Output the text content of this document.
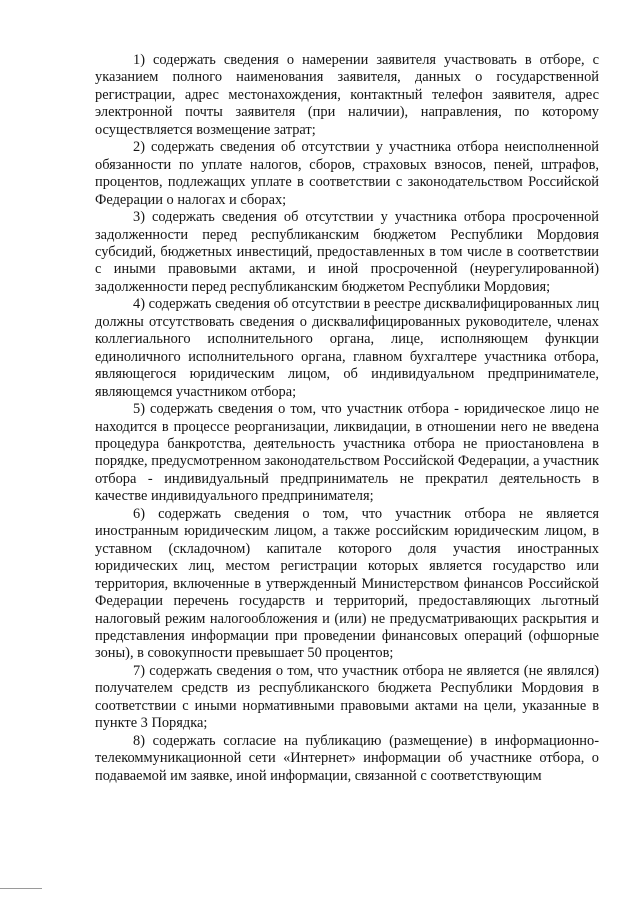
1) содержать сведения о намерении заявителя участвовать в отборе, с указанием полного наименования заявителя, данных о государственной регистрации, адрес местонахождения, контактный телефон заявителя, адрес электронной почты заявителя (при наличии), направления, по которому осуществляется возмещение затрат;

2) содержать сведения об отсутствии у участника отбора неисполненной обязанности по уплате налогов, сборов, страховых взносов, пеней, штрафов, процентов, подлежащих уплате в соответствии с законодательством Российской Федерации о налогах и сборах;

3) содержать сведения об отсутствии у участника отбора просроченной задолженности перед республиканским бюджетом Республики Мордовия субсидий, бюджетных инвестиций, предоставленных в том числе в соответствии с иными правовыми актами, и иной просроченной (неурегулированной) задолженности перед республиканским бюджетом Республики Мордовия;

4) содержать сведения об отсутствии в реестре дисквалифицированных лиц должны отсутствовать сведения о дисквалифицированных руководителе, членах коллегиального исполнительного органа, лице, исполняющем функции единоличного исполнительного органа, главном бухгалтере участника отбора, являющегося юридическим лицом, об индивидуальном предпринимателе, являющемся участником отбора;

5) содержать сведения о том, что участник отбора - юридическое лицо не находится в процессе реорганизации, ликвидации, в отношении него не введена процедура банкротства, деятельность участника отбора не приостановлена в порядке, предусмотренном законодательством Российской Федерации, а участник отбора - индивидуальный предприниматель не прекратил деятельность в качестве индивидуального предпринимателя;

6) содержать сведения о том, что участник отбора не является иностранным юридическим лицом, а также российским юридическим лицом, в уставном (складочном) капитале которого доля участия иностранных юридических лиц, местом регистрации которых является государство или территория, включенные в утвержденный Министерством финансов Российской Федерации перечень государств и территорий, предоставляющих льготный налоговый режим налогообложения и (или) не предусматривающих раскрытия и представления информации при проведении финансовых операций (офшорные зоны), в совокупности превышает 50 процентов;

7) содержать сведения о том, что участник отбора не является (не являлся) получателем средств из республиканского бюджета Республики Мордовия в соответствии с иными нормативными правовыми актами на цели, указанные в пункте 3 Порядка;

8) содержать согласие на публикацию (размещение) в информационно-телекоммуникационной сети «Интернет» информации об участнике отбора, о подаваемой им заявке, иной информации, связанной с соответствующим
